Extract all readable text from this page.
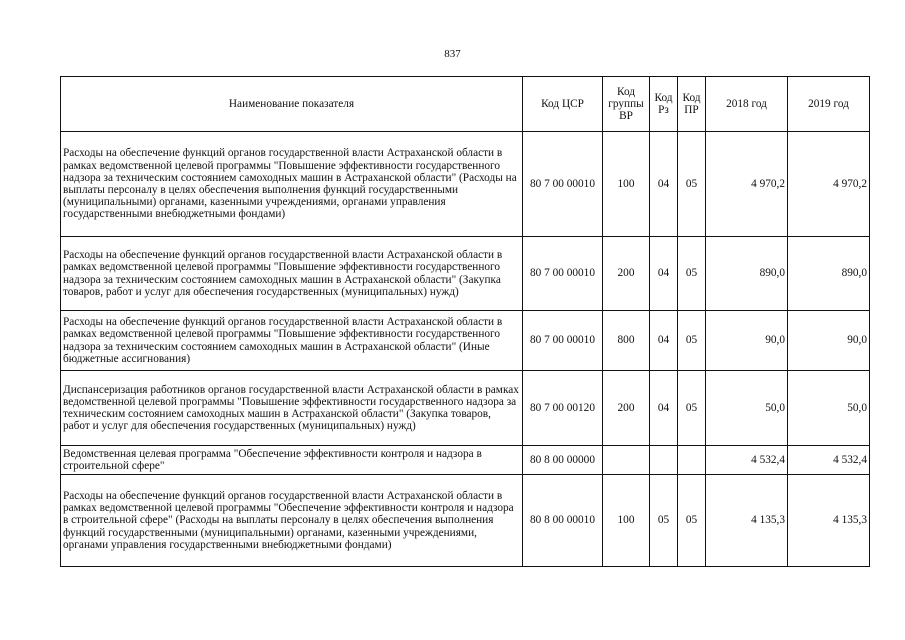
837
Наименование показателя	Код ЦСР	Код группы ВР	Код Рз	Код ПР	2018 год	2019 год
Расходы на обеспечение функций органов государственной власти Астраханской области в рамках ведомственной целевой программы "Повышение эффективности государственного надзора за техническим состоянием самоходных машин в Астраханской области" (Расходы на выплаты персоналу в целях обеспечения выполнения функций государственными (муниципальными) органами, казенными учреждениями, органами управления государственными внебюджетными фондами)	80 7 00 00010	100	04	05	4 970,2	4 970,2
Расходы на обеспечение функций органов государственной власти Астраханской области в рамках ведомственной целевой программы "Повышение эффективности государственного надзора за техническим состоянием самоходных машин в Астраханской области" (Закупка товаров, работ и услуг для обеспечения государственных (муниципальных) нужд)	80 7 00 00010	200	04	05	890,0	890,0
Расходы на обеспечение функций органов государственной власти Астраханской области в рамках ведомственной целевой программы "Повышение эффективности государственного надзора за техническим состоянием самоходных машин в Астраханской области" (Иные бюджетные ассигнования)	80 7 00 00010	800	04	05	90,0	90,0
Диспансеризация работников органов государственной власти Астраханской области в рамках ведомственной целевой программы "Повышение эффективности государственного надзора за техническим состоянием самоходных машин в Астраханской области" (Закупка товаров, работ и услуг для обеспечения государственных (муниципальных) нужд)	80 7 00 00120	200	04	05	50,0	50,0
Ведомственная целевая программа "Обеспечение эффективности контроля и надзора в строительной сфере"	80 8 00 00000				4 532,4	4 532,4
Расходы на обеспечение функций органов государственной власти Астраханской области в рамках ведомственной целевой программы "Обеспечение эффективности контроля и надзора в строительной сфере" (Расходы на выплаты персоналу в целях обеспечения выполнения функций государственными (муниципальными) органами, казенными учреждениями, органами управления государственными внебюджетными фондами)	80 8 00 00010	100	05	05	4 135,3	4 135,3
